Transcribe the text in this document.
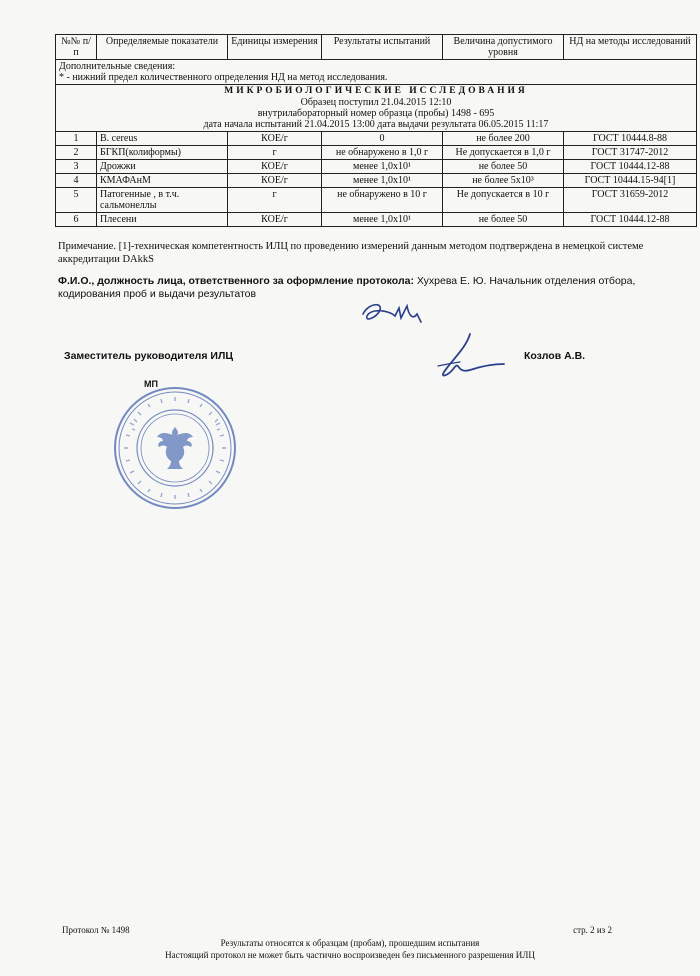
№№ п/п	Определяемые показатели	Единицы измерения	Результаты испытаний	Величина допустимого уровня	НД на методы исследований

Дополнительные сведения:
* - нижний предел количественного определения НД на метод исследования.					

МИКРОБИОЛОГИЧЕСКИЕ ИССЛЕДОВАНИЯ
Образец поступил 21.04.2015 12:10
внутрилабораторный номер образца (пробы) 1498 - 695
дата начала испытаний 21.04.2015 13:00 дата выдачи результата 06.05.2015 11:17					

1	B. cereus	КОЕ/г	0	не более 200	ГОСТ 10444.8-88
2	БГКП(колиформы)	г	не обнаружено в 1,0 г	Не допускается в 1,0 г	ГОСТ 31747-2012
3	Дрожжи	КОЕ/г	менее 1,0x10¹	не более 50	ГОСТ 10444.12-88
4	КМАФАнМ	КОЕ/г	менее 1,0x10¹	не более 5x10³	ГОСТ 10444.15-94[1]
5	Патогенные , в т.ч. сальмонеллы	г	не обнаружено в 10 г	Не допускается в 10 г	ГОСТ 31659-2012
6	Плесени	КОЕ/г	менее 1,0x10¹	не более 50	ГОСТ 10444.12-88
Примечание. [1]-техническая компетентность ИЛЦ по проведению измерений данным методом подтверждена в немецкой системе аккредитации DAkkS
Ф.И.О., должность лица, ответственного за оформление протокола: Хухрева Е. Ю. Начальник отделения отбора, кодирования проб и выдачи результатов
Заместитель руководителя ИЛЦ	Козлов А.В.
МП
Протокол № 1498	стр. 2 из 2
Результаты относятся к образцам (пробам), прошедшим испытания
Настоящий протокол не может быть частично воспроизведен без письменного разрешения ИЛЦ
